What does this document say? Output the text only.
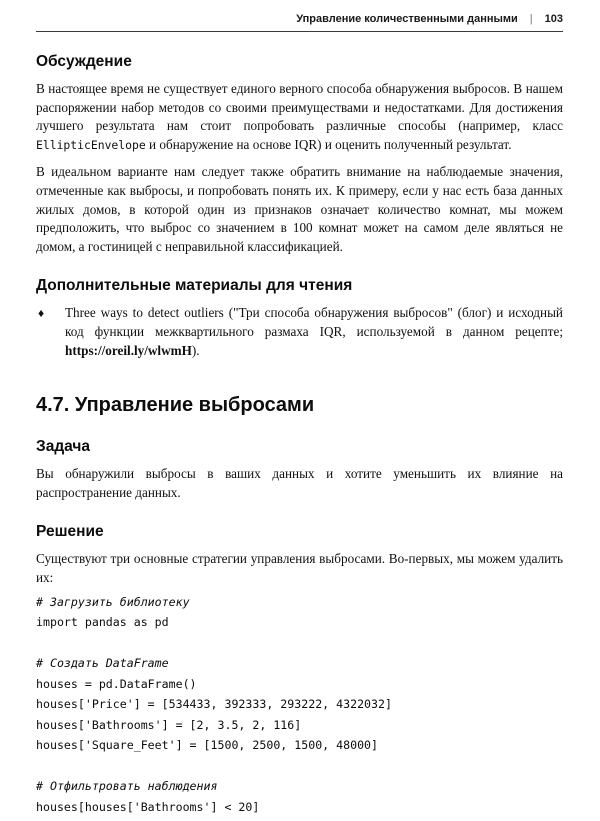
Управление количественными данными | 103
Обсуждение

В настоящее время не существует единого верного способа обнаружения выбросов. В нашем распоряжении набор методов со своими преимуществами и недостатками. Для достижения лучшего результата нам стоит попробовать различные способы (например, класс EllipticEnvelope и обнаружение на основе IQR) и оценить полученный результат.

В идеальном варианте нам следует также обратить внимание на наблюдаемые значения, отмеченные как выбросы, и попробовать понять их. К примеру, если у нас есть база данных жилых домов, в которой один из признаков означает количество комнат, мы можем предположить, что выброс со значением в 100 комнат может на самом деле являться не домом, а гостиницей с неправильной классификацией.

Дополнительные материалы для чтения
♦	Three ways to detect outliers ("Три способа обнаружения выбросов" (блог) и исходный код функции межквартильного размаха IQR, используемой в данном рецепте; https://oreil.ly/wlwmH).
4.7. Управление выбросами
Задача

Вы обнаружили выбросы в ваших данных и хотите уменьшить их влияние на распространение данных.

Решение

Существуют три основные стратегии управления выбросами. Во-первых, мы можем удалить их:

# Загрузить библиотеку
import pandas as pd
# Создать DataFrame
houses = pd.DataFrame()
houses['Price'] = [534433, 392333, 293222, 4322032]
houses['Bathrooms'] = [2, 3.5, 2, 116]
houses['Square_Feet'] = [1500, 2500, 1500, 48000]
# Отфильтровать наблюдения
houses[houses['Bathrooms'] < 20]
